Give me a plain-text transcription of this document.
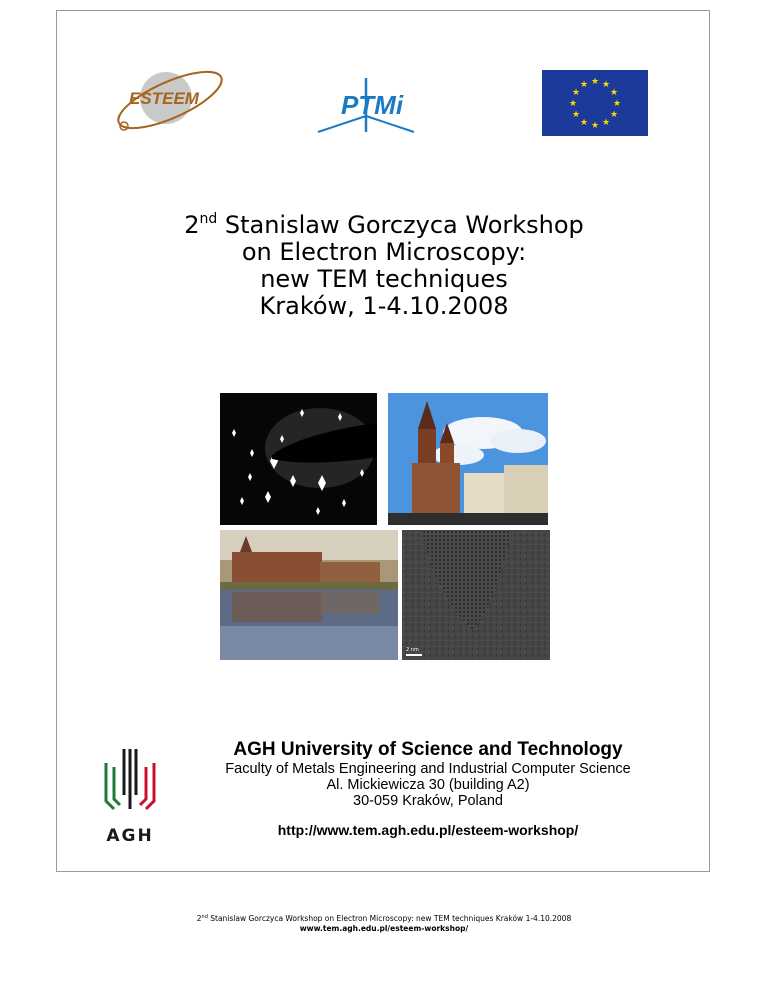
ESTEEM	PTMi
★ ★
★
★
★
★
★
★
★
★
★
★
2nd Stanislaw Gorczyca Workshop
on Electron Microscopy:
new TEM techniques
Kraków, 1-4.10.2008
2 nm
AGH
AGH University of Science and Technology
Faculty of Metals Engineering and Industrial Computer Science
Al. Mickiewicza 30 (building A2)
30-059 Kraków, Poland
http://www.tem.agh.edu.pl/esteem-workshop/
2nd Stanislaw Gorczyca Workshop on Electron Microscopy: new TEM techniques Kraków 1-4.10.2008
www.tem.agh.edu.pl/esteem-workshop/
